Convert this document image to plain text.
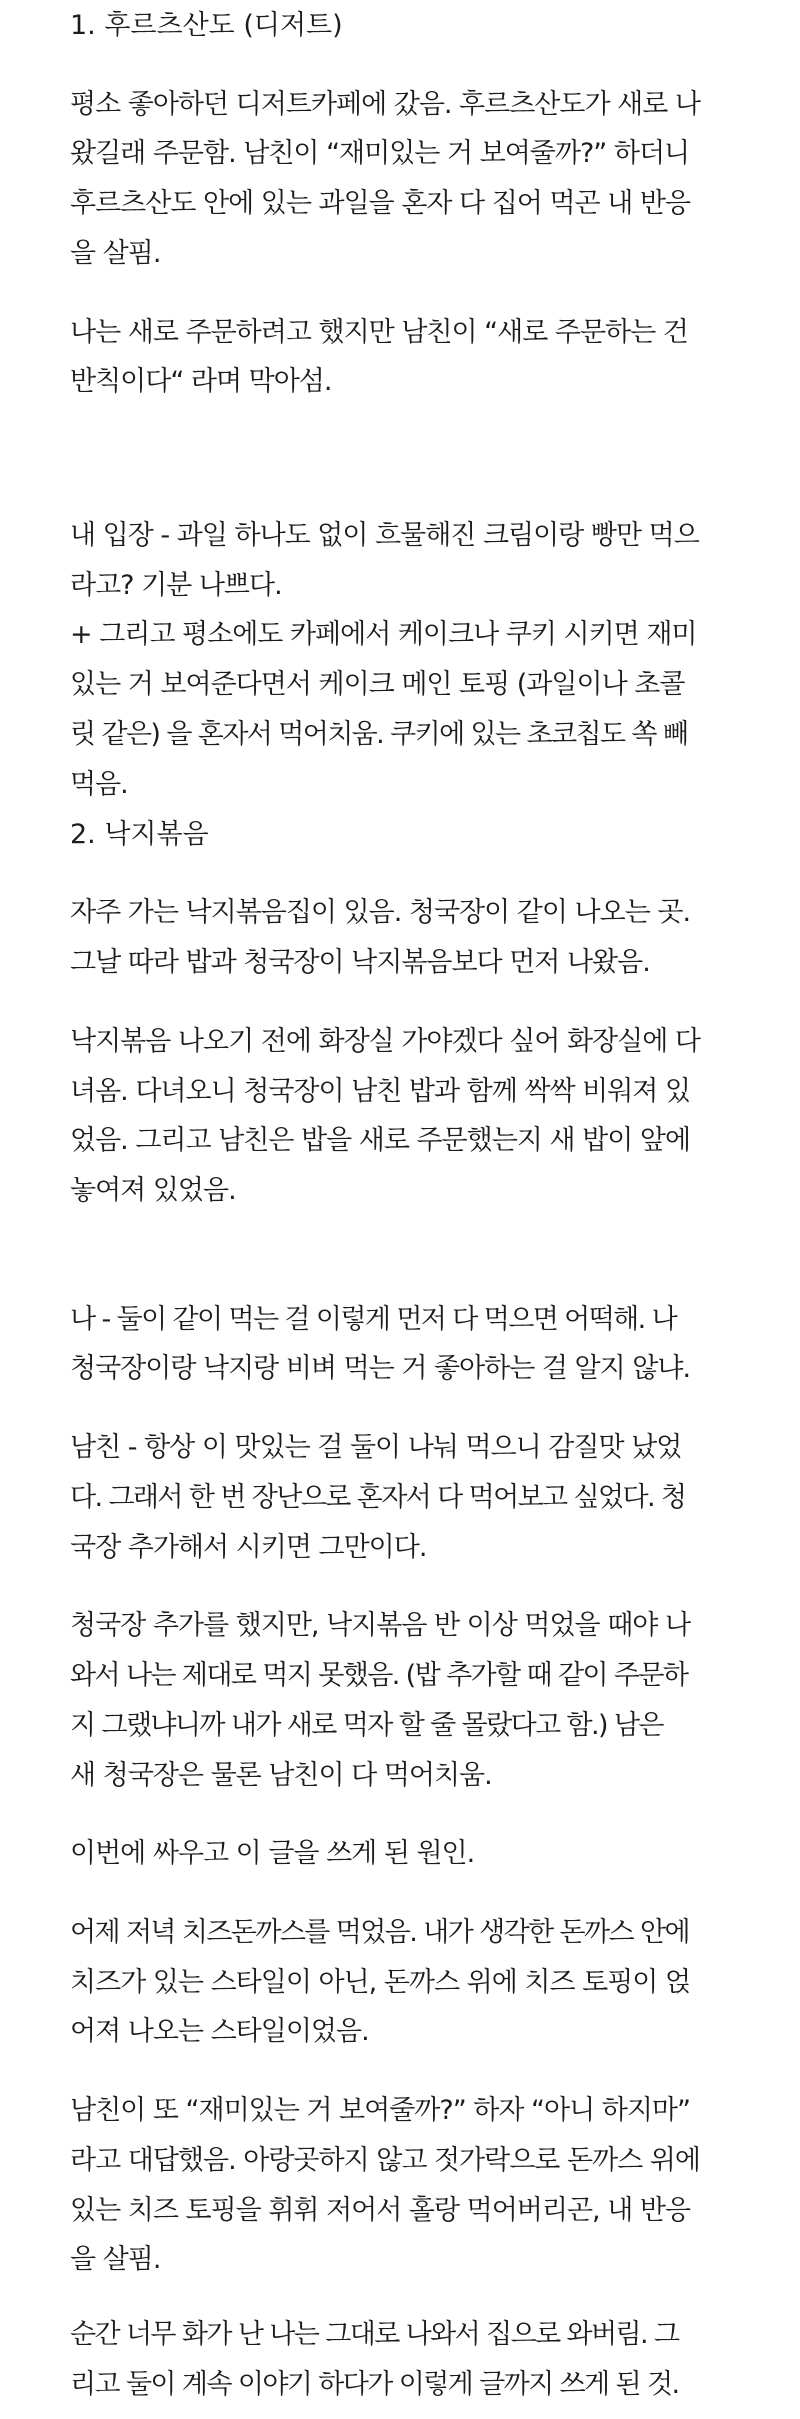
1. 후르츠산도 (디저트)

평소 좋아하던 디저트카페에 갔음. 후르츠산도가 새로 나

왔길래 주문함. 남친이 “재미있는 거 보여줄까?” 하더니

후르츠산도 안에 있는 과일을 혼자 다 집어 먹곤 내 반응

을 살핌.

나는 새로 주문하려고 했지만 남친이 “새로 주문하는 건

반칙이다“ 라며 막아섬.

내 입장 - 과일 하나도 없이 흐물해진 크림이랑 빵만 먹으

라고? 기분 나쁘다.

+ 그리고 평소에도 카페에서 케이크나 쿠키 시키면 재미

있는 거 보여준다면서 케이크 메인 토핑 (과일이나 초콜

릿 같은) 을 혼자서 먹어치움. 쿠키에 있는 초코칩도 쏙 빼

먹음.

2. 낙지볶음

자주 가는 낙지볶음집이 있음. 청국장이 같이 나오는 곳.

그날 따라 밥과 청국장이 낙지볶음보다 먼저 나왔음.

낙지볶음 나오기 전에 화장실 가야겠다 싶어 화장실에 다

녀옴. 다녀오니 청국장이 남친 밥과 함께 싹싹 비워져 있

었음. 그리고 남친은 밥을 새로 주문했는지 새 밥이 앞에

놓여져 있었음.

나 - 둘이 같이 먹는 걸 이렇게 먼저 다 먹으면 어떡해. 나

청국장이랑 낙지랑 비벼 먹는 거 좋아하는 걸 알지 않냐.

남친 - 항상 이 맛있는 걸 둘이 나눠 먹으니 감질맛 났었

다. 그래서 한 번 장난으로 혼자서 다 먹어보고 싶었다. 청

국장 추가해서 시키면 그만이다.

청국장 추가를 했지만, 낙지볶음 반 이상 먹었을 때야 나

와서 나는 제대로 먹지 못했음. (밥 추가할 때 같이 주문하

지 그랬냐니까 내가 새로 먹자 할 줄 몰랐다고 함.) 남은

새 청국장은 물론 남친이 다 먹어치움.

이번에 싸우고 이 글을 쓰게 된 원인.

어제 저녁 치즈돈까스를 먹었음. 내가 생각한 돈까스 안에

치즈가 있는 스타일이 아닌, 돈까스 위에 치즈 토핑이 얹

어져 나오는 스타일이었음.

남친이 또 “재미있는 거 보여줄까?” 하자 “아니 하지마”

라고 대답했음. 아랑곳하지 않고 젓가락으로 돈까스 위에

있는 치즈 토핑을 휘휘 저어서 홀랑 먹어버리곤, 내 반응

을 살핌.

순간 너무 화가 난 나는 그대로 나와서 집으로 와버림. 그

리고 둘이 계속 이야기 하다가 이렇게 글까지 쓰게 된 것.
